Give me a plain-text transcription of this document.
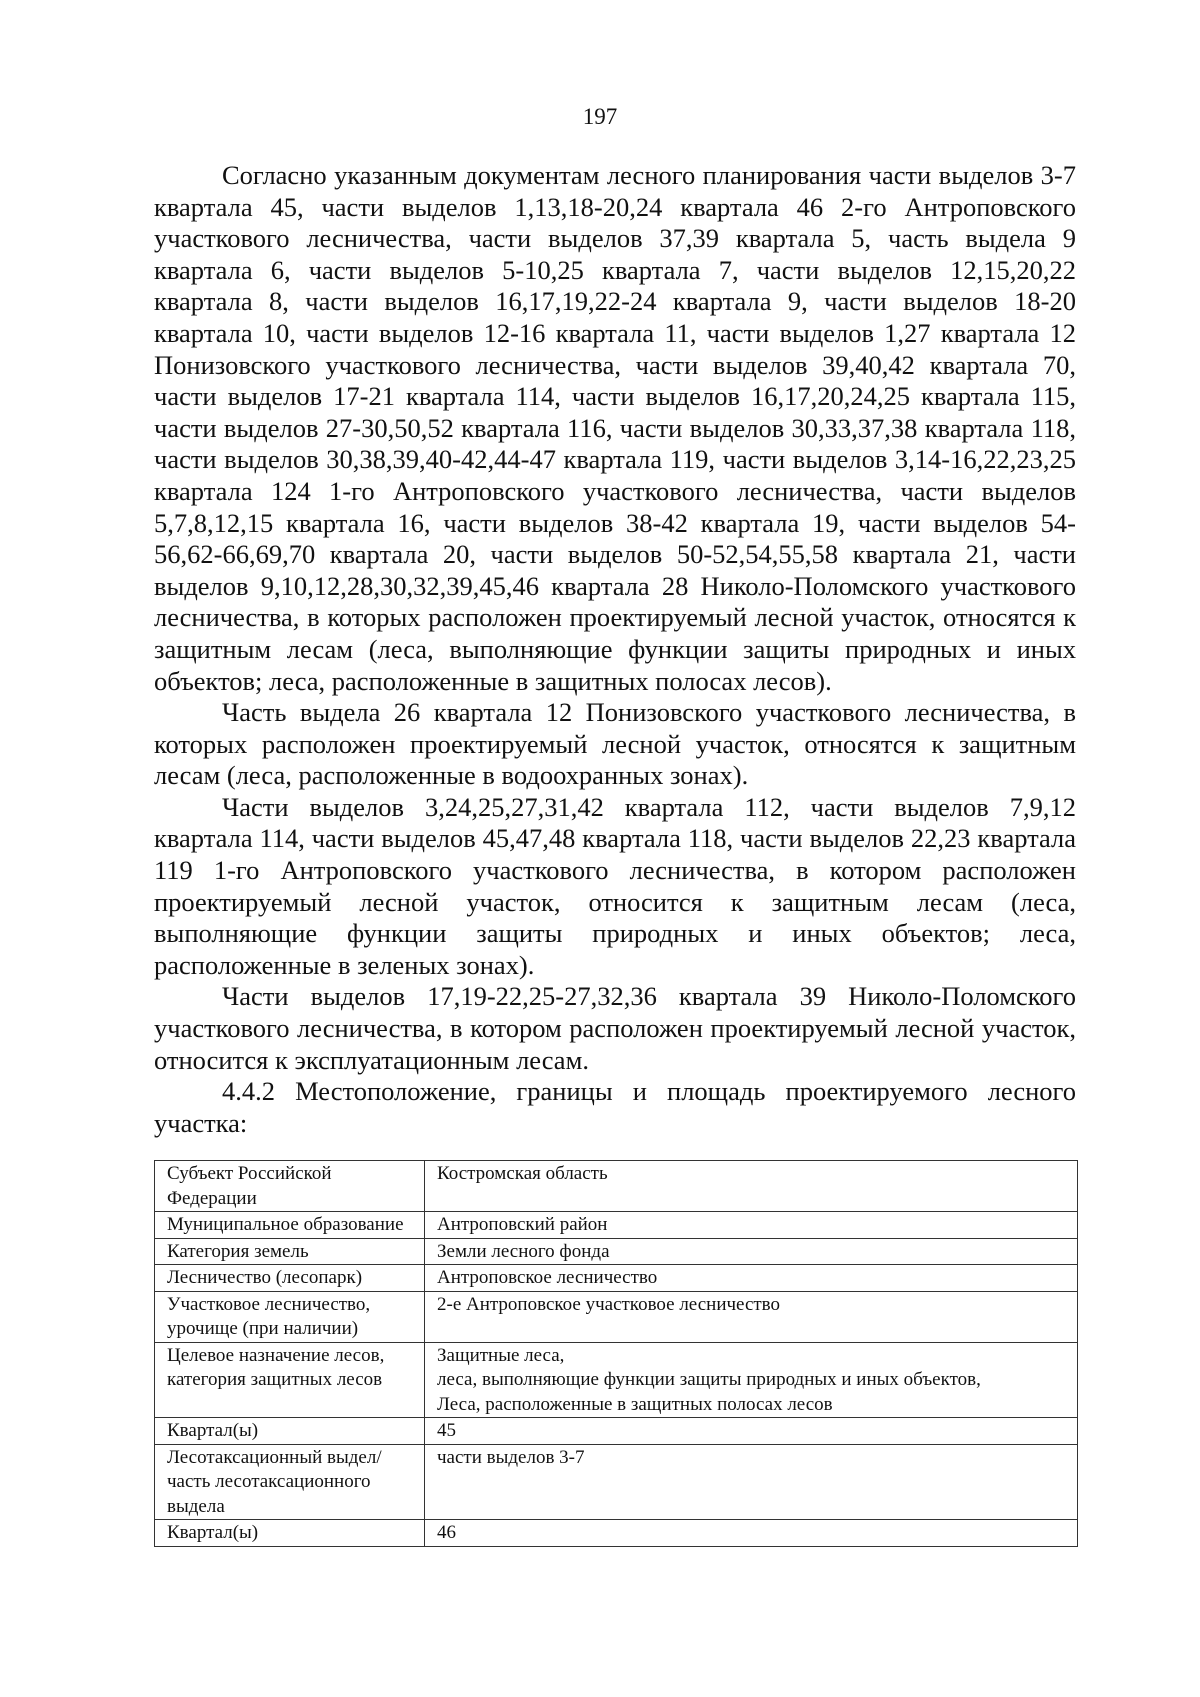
197

Согласно указанным документам лесного планирования части выделов 3-7 квартала 45, части выделов 1,13,18-20,24 квартала 46 2-го Антроповского участкового лесничества, части выделов 37,39 квартала 5, часть выдела 9 квартала 6, части выделов 5-10,25 квартала 7, части выделов 12,15,20,22 квартала 8, части выделов 16,17,19,22-24 квартала 9, части выделов 18-20 квартала 10, части выделов 12-16 квартала 11, части выделов 1,27 квартала 12 Понизовского участкового лесничества, части выделов 39,40,42 квартала 70, части выделов 17-21 квартала 114, части выделов 16,17,20,24,25 квартала 115, части выделов 27-30,50,52 квартала 116, части выделов 30,33,37,38 квартала 118, части выделов 30,38,39,40-42,44-47 квартала 119, части выделов 3,14-16,22,23,25 квартала 124 1-го Антроповского участкового лесничества, части выделов 5,7,8,12,15 квартала 16, части выделов 38-42 квартала 19, части выделов 54-56,62-66,69,70 квартала 20, части выделов 50-52,54,55,58 квартала 21, части выделов 9,10,12,28,30,32,39,45,46 квартала 28 Николо-Поломского участкового лесничества, в которых расположен проектируемый лесной участок, относятся к защитным лесам (леса, выполняющие функции защиты природных и иных объектов; леса, расположенные в защитных полосах лесов).

Часть выдела 26 квартала 12 Понизовского участкового лесничества, в которых расположен проектируемый лесной участок, относятся к защитным лесам (леса, расположенные в водоохранных зонах).

Части выделов 3,24,25,27,31,42 квартала 112, части выделов 7,9,12 квартала 114, части выделов 45,47,48 квартала 118, части выделов 22,23 квартала 119 1-го Антроповского участкового лесничества, в котором расположен проектируемый лесной участок, относится к защитным лесам (леса, выполняющие функции защиты природных и иных объектов; леса, расположенные в зеленых зонах).

Части выделов 17,19-22,25-27,32,36 квартала 39 Николо-Поломского участкового лесничества, в котором расположен проектируемый лесной участок, относится к эксплуатационным лесам.

4.4.2 Местоположение, границы и площадь проектируемого лесного участка:

Субъект Российской Федерации	Костромская область
Муниципальное образование	Антроповский район
Категория земель	Земли лесного фонда
Лесничество (лесопарк)	Антроповское лесничество
Участковое лесничество, урочище (при наличии)	2-е Антроповское участковое лесничество
Целевое назначение лесов, категория защитных лесов	Защитные леса,
леса, выполняющие функции защиты природных и иных объектов,
Леса, расположенные в защитных полосах лесов
Квартал(ы)	45
Лесотаксационный выдел/часть лесотаксационного выдела	части выделов 3-7
Квартал(ы)	46
